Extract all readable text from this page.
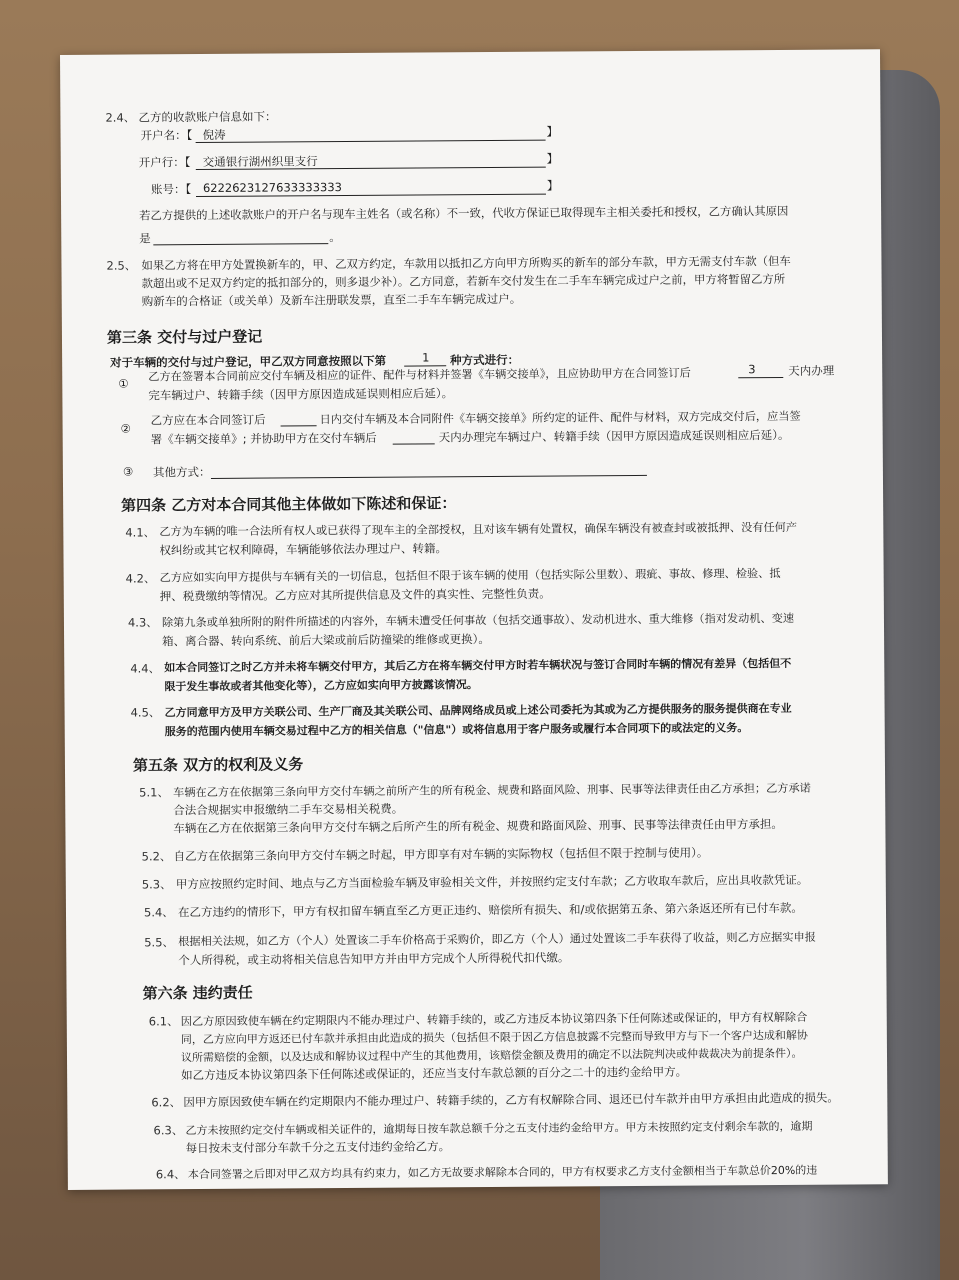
2.4、 乙方的收款账户信息如下：
开户名：【 倪涛	】
开户行：【 交通银行湖州织里支行	】
账号：【 6222623127633333333	】
若乙方提供的上述收款账户的开户名与现车主姓名（或名称）不一致，代收方保证已取得现车主相关委托和授权，乙方确认其原因
是	。
2.5、 如果乙方将在甲方处置换新车的，甲、乙双方约定，车款用以抵扣乙方向甲方所购买的新车的部分车款，甲方无需支付车款（但车
款超出或不足双方约定的抵扣部分的，则多退少补）。乙方同意，若新车交付发生在二手车车辆完成过户之前，甲方将暂留乙方所
购新车的合格证（或关单）及新车注册联发票，直至二手车车辆完成过户。
第三条 交付与过户登记
对于车辆的交付与过户登记，甲乙双方同意按照以下第	1 种方式进行：
①
乙方在签署本合同前应交付车辆及相应的证件、配件与材料并签署《车辆交接单》，且应协助甲方在合同签订后	3	天内办理
完车辆过户、转籍手续（因甲方原因造成延误则相应后延）。
②
乙方应在本合同签订后	日内交付车辆及本合同附件《车辆交接单》所约定的证件、配件与材料，双方完成交付后，应当签
署《车辆交接单》; 并协助甲方在交付车辆后	天内办理完车辆过户、转籍手续（因甲方原因造成延误则相应后延）。
③ 其他方式：
第四条 乙方对本合同其他主体做如下陈述和保证：
4.1、 乙方为车辆的唯一合法所有权人或已获得了现车主的全部授权，且对该车辆有处置权，确保车辆没有被查封或被抵押、没有任何产
权纠纷或其它权利障碍，车辆能够依法办理过户、转籍。
4.2、 乙方应如实向甲方提供与车辆有关的一切信息，包括但不限于该车辆的使用（包括实际公里数）、瑕疵、事故、修理、检验、抵
押、税费缴纳等情况。乙方应对其所提供信息及文件的真实性、完整性负责。
4.3、 除第九条或单独所附的附件所描述的内容外，车辆未遭受任何事故（包括交通事故）、发动机进水、重大维修（指对发动机、变速
箱、离合器、转向系统、前后大梁或前后防撞梁的维修或更换）。
4.4、 如本合同签订之时乙方并未将车辆交付甲方，其后乙方在将车辆交付甲方时若车辆状况与签订合同时车辆的情况有差异（包括但不
限于发生事故或者其他变化等），乙方应如实向甲方披露该情况。
4.5、 乙方同意甲方及甲方关联公司、生产厂商及其关联公司、品牌网络成员或上述公司委托为其或为乙方提供服务的服务提供商在专业
服务的范围内使用车辆交易过程中乙方的相关信息（"信息"）或将信息用于客户服务或履行本合同项下的或法定的义务。
第五条 双方的权利及义务
5.1、 车辆在乙方在依据第三条向甲方交付车辆之前所产生的所有税金、规费和路面风险、刑事、民事等法律责任由乙方承担；乙方承诺
合法合规据实申报缴纳二手车交易相关税费。
车辆在乙方在依据第三条向甲方交付车辆之后所产生的所有税金、规费和路面风险、刑事、民事等法律责任由甲方承担。
5.2、 自乙方在依据第三条向甲方交付车辆之时起，甲方即享有对车辆的实际物权（包括但不限于控制与使用）。
5.3、 甲方应按照约定时间、地点与乙方当面检验车辆及审验相关文件，并按照约定支付车款；乙方收取车款后，应出具收款凭证。
5.4、 在乙方违约的情形下，甲方有权扣留车辆直至乙方更正违约、赔偿所有损失、和/或依据第五条、第六条返还所有已付车款。
5.5、 根据相关法规，如乙方（个人）处置该二手车价格高于采购价，即乙方（个人）通过处置该二手车获得了收益，则乙方应据实申报
个人所得税，或主动将相关信息告知甲方并由甲方完成个人所得税代扣代缴。
第六条 违约责任
6.1、 因乙方原因致使车辆在约定期限内不能办理过户、转籍手续的，或乙方违反本协议第四条下任何陈述或保证的，甲方有权解除合
同，乙方应向甲方返还已付车款并承担由此造成的损失（包括但不限于因乙方信息披露不完整而导致甲方与下一个客户达成和解协
议所需赔偿的金额，以及达成和解协议过程中产生的其他费用，该赔偿金额及费用的确定不以法院判决或仲裁裁决为前提条件）。
如乙方违反本协议第四条下任何陈述或保证的，还应当支付车款总额的百分之二十的违约金给甲方。
6.2、 因甲方原因致使车辆在约定期限内不能办理过户、转籍手续的，乙方有权解除合同、退还已付车款并由甲方承担由此造成的损失。
6.3、 乙方未按照约定交付车辆或相关证件的，逾期每日按车款总额千分之五支付违约金给甲方。甲方未按照约定支付剩余车款的，逾期
每日按未支付部分车款千分之五支付违约金给乙方。
6.4、 本合同签署之后即对甲乙双方均具有约束力，如乙方无故要求解除本合同的，甲方有权要求乙方支付金额相当于车款总价20%的违
